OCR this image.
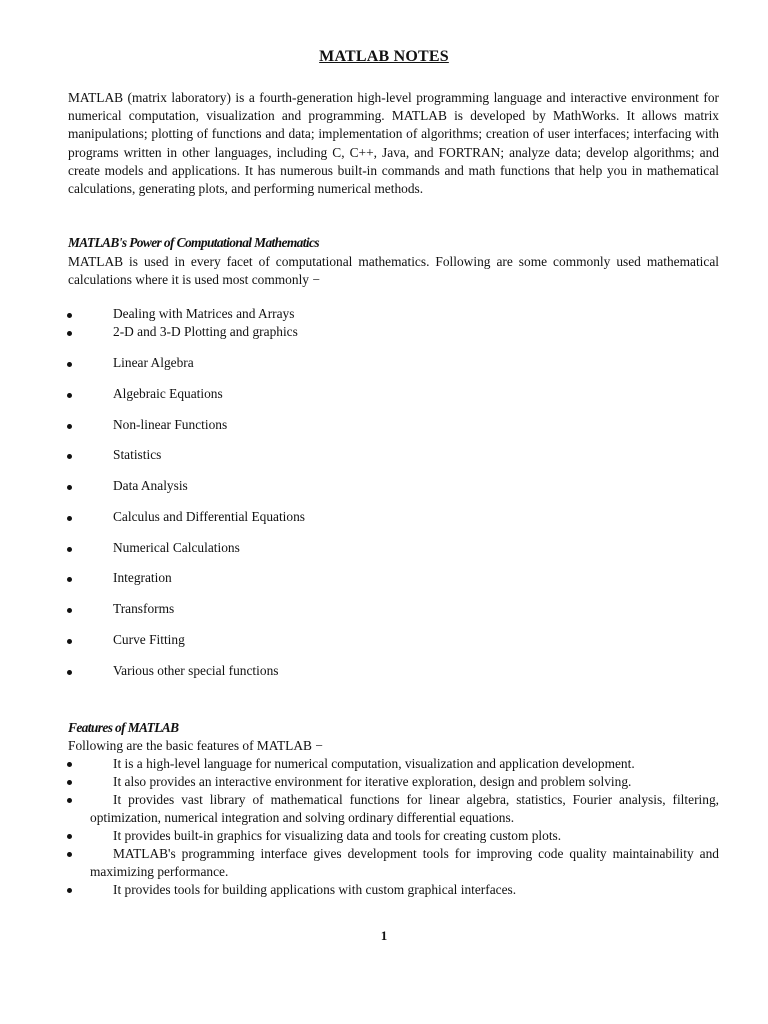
MATLAB NOTES

MATLAB (matrix laboratory) is a fourth-generation high-level programming language and interactive environment for numerical computation, visualization and programming. MATLAB is developed by MathWorks. It allows matrix manipulations; plotting of functions and data; implementation of algorithms; creation of user interfaces; interfacing with programs written in other languages, including C, C++, Java, and FORTRAN; analyze data; develop algorithms; and create models and applications. It has numerous built-in commands and math functions that help you in mathematical calculations, generating plots, and performing numerical methods.

MATLAB's Power of Computational Mathematics

MATLAB is used in every facet of computational mathematics. Following are some commonly used mathematical calculations where it is used most commonly −

Dealing with Matrices and Arrays
2-D and 3-D Plotting and graphics
Linear Algebra
Algebraic Equations
Non-linear Functions
Statistics
Data Analysis
Calculus and Differential Equations
Numerical Calculations
Integration
Transforms
Curve Fitting
Various other special functions
Features of MATLAB

Following are the basic features of MATLAB −

It is a high-level language for numerical computation, visualization and application development.

It also provides an interactive environment for iterative exploration, design and problem solving.

It provides vast library of mathematical functions for linear algebra, statistics, Fourier analysis, filtering, optimization, numerical integration and solving ordinary differential equations.

It provides built-in graphics for visualizing data and tools for creating custom plots.

MATLAB's programming interface gives development tools for improving code quality maintainability and maximizing performance.

It provides tools for building applications with custom graphical interfaces.

1
